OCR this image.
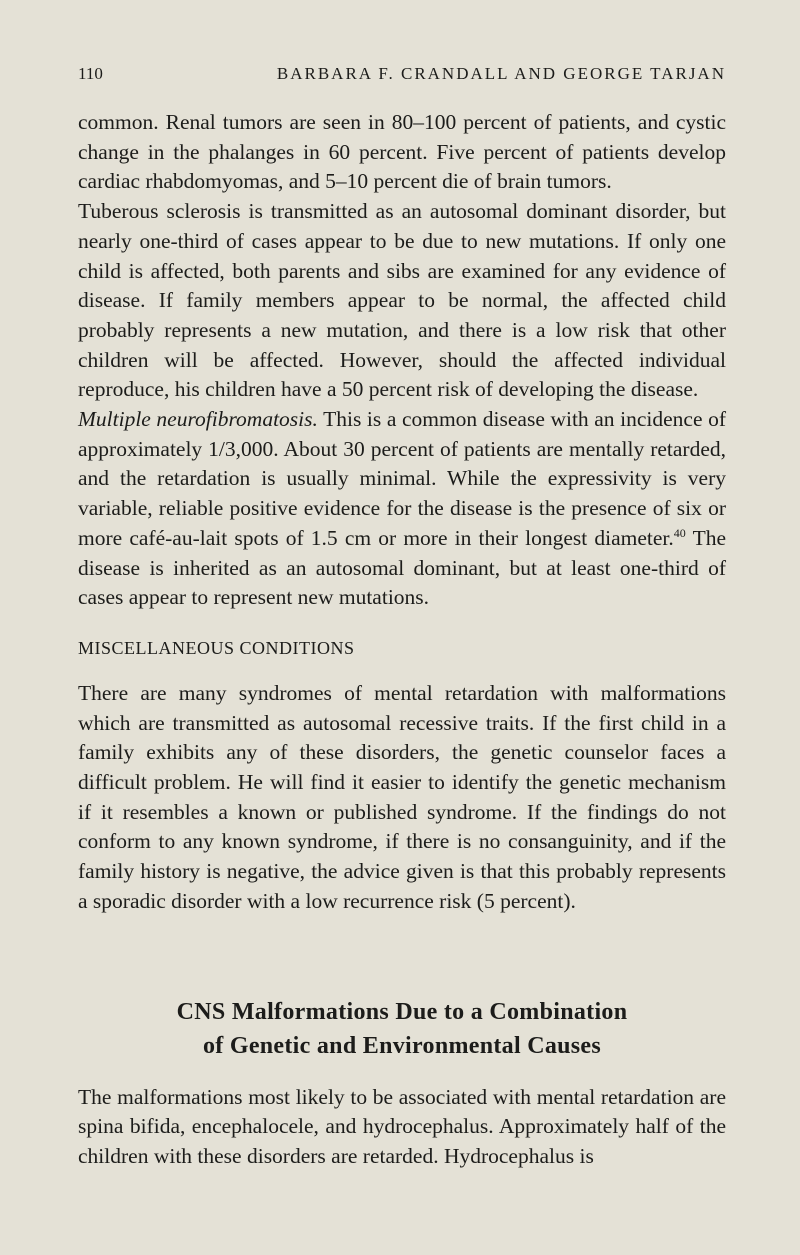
110	BARBARA F. CRANDALL AND GEORGE TARJAN

common. Renal tumors are seen in 80–100 percent of patients, and cystic change in the phalanges in 60 percent. Five percent of patients develop cardiac rhabdomyomas, and 5–10 percent die of brain tumors.

Tuberous sclerosis is transmitted as an autosomal dominant disorder, but nearly one-third of cases appear to be due to new mutations. If only one child is affected, both parents and sibs are examined for any evidence of disease. If family members appear to be normal, the affected child probably represents a new mutation, and there is a low risk that other children will be affected. However, should the affected individual reproduce, his children have a 50 percent risk of developing the disease.

Multiple neurofibromatosis. This is a common disease with an incidence of approximately 1/3,000. About 30 percent of patients are mentally retarded, and the retardation is usually minimal. While the expressivity is very variable, reliable positive evidence for the disease is the presence of six or more café-au-lait spots of 1.5 cm or more in their longest diameter.$^{40}$ The disease is inherited as an autosomal dominant, but at least one-third of cases appear to represent new mutations.

MISCELLANEOUS CONDITIONS

There are many syndromes of mental retardation with malformations which are transmitted as autosomal recessive traits. If the first child in a family exhibits any of these disorders, the genetic counselor faces a difficult problem. He will find it easier to identify the genetic mechanism if it resembles a known or published syndrome. If the findings do not conform to any known syndrome, if there is no consanguinity, and if the family history is negative, the advice given is that this probably represents a sporadic disorder with a low recurrence risk (5 percent).

CNS Malformations Due to a Combination
of Genetic and Environmental Causes

The malformations most likely to be associated with mental retardation are spina bifida, encephalocele, and hydrocephalus. Approximately half of the children with these disorders are retarded. Hydrocephalus is
